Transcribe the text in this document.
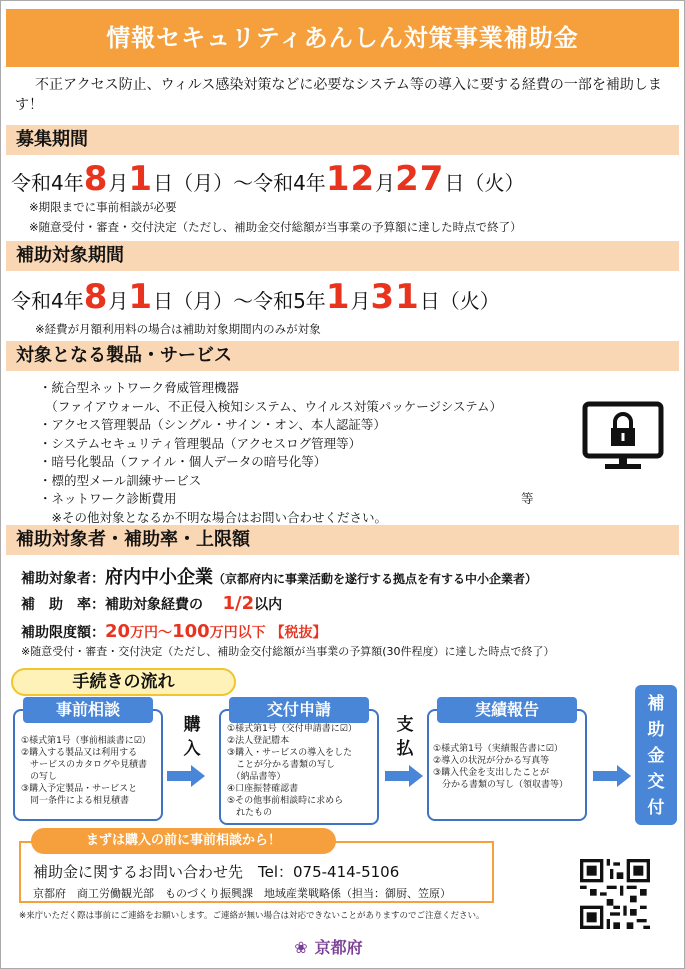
情報セキュリティあんしん対策事業補助金
不正アクセス防止、ウィルス感染対策などに必要なシステム等の導入に要する経費の一部を補助します！
募集期間
令和4年8月1日（月）〜令和4年12月27日（火）
※期限までに事前相談が必要
※随意受付・審査・交付決定（ただし、補助金交付総額が当事業の予算額に達した時点で終了）
補助対象期間
令和4年8月1日（月）〜令和5年1月31日（火）
※経費が月額利用料の場合は補助対象期間内のみが対象
対象となる製品・サービス
・統合型ネットワーク脅威管理機器
　（ファイアウォール、不正侵入検知システム、ウイルス対策パッケージシステム）
・アクセス管理製品（シングル・サイン・オン、本人認証等）
・システムセキュリティ管理製品（アクセスログ管理等）
・暗号化製品（ファイル・個人データの暗号化等）
・標的型メール訓練サービス
・ネットワーク診断費用
　※その他対象となるか不明な場合はお問い合わせください。
等
補助対象者・補助率・上限額
補助対象者：府内中小企業（京都府内に事業活動を遂行する拠点を有する中小企業者）
補　助　率：補助対象経費の 1/2以内
補助限度額：20万円〜100万円以下 【税抜】
※随意受付・審査・交付決定（ただし、補助金交付総額が当事業の予算額(30件程度）に達した時点で終了）
手続きの流れ
事前相談
①様式第1号（事前相談書に☑）
②購入する製品又は利用する
　サービスのカタログや見積書
　の写し
③購入予定製品・サービスと
　同一条件による相見積書
購入
交付申請
①様式第1号（交付申請書に☑）
②法人登記謄本
③購入・サービスの導入をした
　ことが分かる書類の写し
　（納品書等）
④口座振替確認書
⑤その他事前相談時に求めら
　れたもの
支払
実績報告
①様式第1号（実績報告書に☑）
②導入の状況が分かる写真等
③購入代金を支出したことが
　分かる書類の写し（領収書等）
補助金交付
まずは購入の前に事前相談から！
補助金に関するお問い合わせ先　Tel：075-414-5106
京都府　商工労働観光部　ものづくり振興課　地域産業戦略係（担当：御厨、笠原）
※来庁いただく際は事前にご連絡をお願いします。ご連絡が無い場合は対応できないことがありますのでご注意ください。
❀ 京都府
